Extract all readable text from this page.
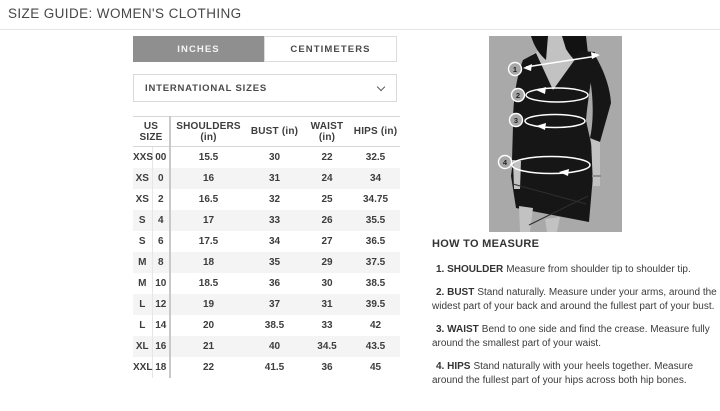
SIZE GUIDE: WOMEN'S CLOTHING
INCHES	CENTIMETERS
INTERNATIONAL SIZES
US SIZE		SHOULDERS (in)	BUST (in)	WAIST (in)	HIPS (in)
XXS	00	15.5	30	22	32.5
XS	0	16	31	24	34
XS	2	16.5	32	25	34.75
S	4	17	33	26	35.5
S	6	17.5	34	27	36.5
M	8	18	35	29	37.5
M	10	18.5	36	30	38.5
L	12	19	37	31	39.5
L	14	20	38.5	33	42
XL	16	21	40	34.5	43.5
XXL	18	22	41.5	36	45
1
2
3
4
HOW TO MEASURE

1. SHOULDER Measure from shoulder tip to shoulder tip.

2. BUST Stand naturally. Measure under your arms, around the widest part of your back and around the fullest part of your bust.

3. WAIST Bend to one side and find the crease. Measure fully around the smallest part of your waist.

4. HIPS Stand naturally with your heels together. Measure around the fullest part of your hips across both hip bones.
